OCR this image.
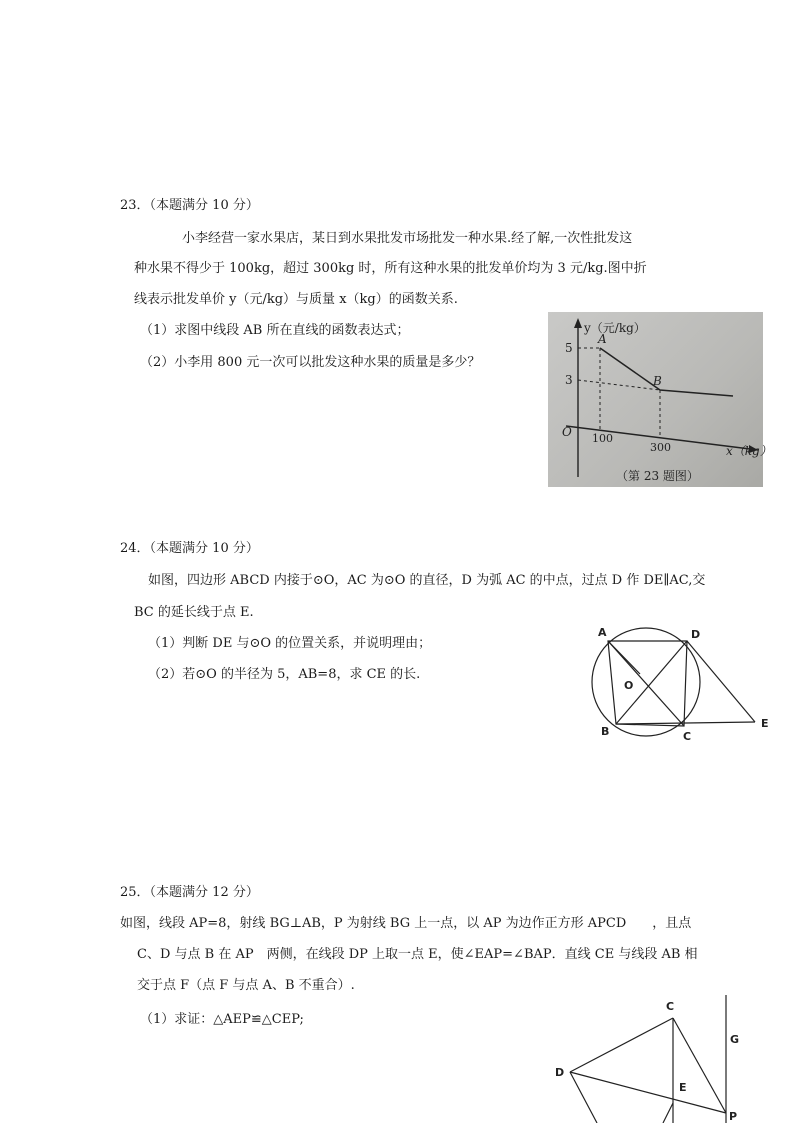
23．（本题满分 10 分）
小李经营一家水果店，某日到水果批发市场批发一种水果.经了解,一次性批发这
种水果不得少于 100kg，超过 300kg 时，所有这种水果的批发单价均为 3 元/kg.图中折
线表示批发单价 y（元/kg）与质量 x（kg）的函数关系.
（1）求图中线段 AB 所在直线的函数表达式；
（2）小李用 800 元一次可以批发这种水果的质量是多少？
y（元/kg）
x（kg）
O
5
3
100
300
A
B
（第 23 题图）
24．（本题满分 10 分）
如图，四边形 ABCD 内接于⊙O，AC 为⊙O 的直径，D 为弧 AC 的中点，过点 D 作 DE∥AC,交
BC 的延长线于点 E.
（1）判断 DE 与⊙O 的位置关系，并说明理由；
（2）若⊙O 的半径为 5，AB=8，求 CE 的长.
A	D
O
B	C
E
25．（本题满分 12 分）
如图，线段 AP=8，射线 BG⊥AB，P 为射线 BG 上一点，以 AP 为边作正方形 APCD　　，且点
C、D 与点 B 在 AP　两侧，在线段 DP 上取一点 E，使∠EAP=∠BAP．直线 CE 与线段 AB 相
交于点 F（点 F 与点 A、B 不重合）.
（1）求证：△AEP≌△CEP;
C
D
E
G
P
